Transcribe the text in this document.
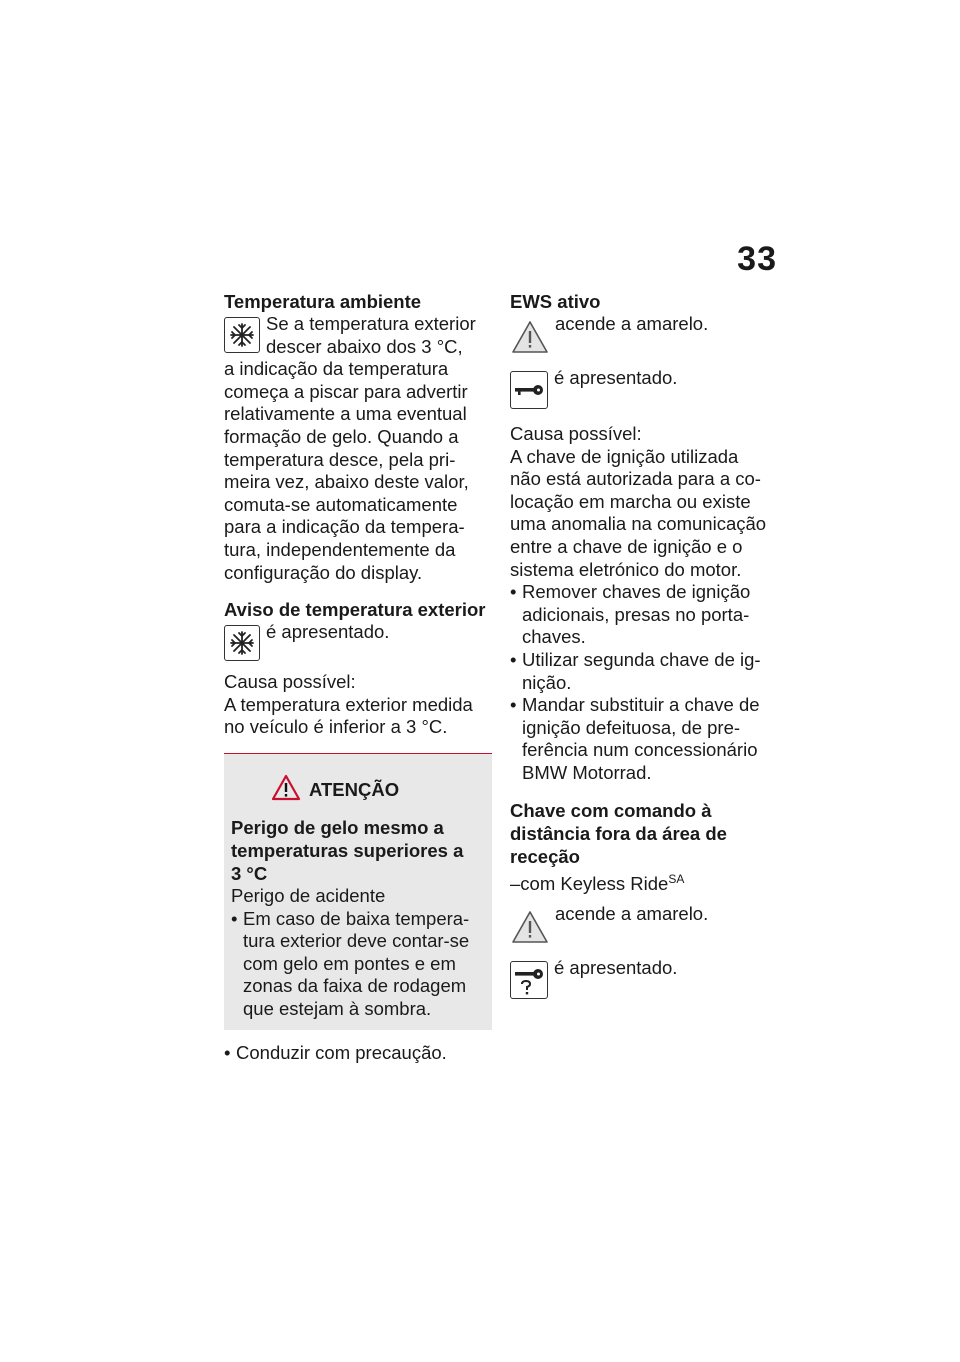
33
Temperatura ambiente

Se a temperatura exterior

descer abaixo dos 3 °C,

a indicação da temperatura

começa a piscar para advertir

relativamente a uma eventual

formação de gelo. Quando a

temperatura desce, pela pri-

meira vez, abaixo deste valor,

comuta-se automaticamente

para a indicação da tempera-

tura, independentemente da

configuração do display.

Aviso de temperatura exterior

é apresentado.

Causa possível:

A temperatura exterior medida

no veículo é inferior a 3 °C.

ATENÇÃO
Perigo de gelo mesmo a
temperaturas superiores a
3 °C

Perigo de acidente

• Em caso de baixa tempera-
tura exterior deve contar-se
com gelo em pontes e em
zonas da faixa de rodagem
que estejam à sombra.
• Conduzir com precaução.
EWS ativo

acende a amarelo.

é apresentado.

Causa possível:

A chave de ignição utilizada

não está autorizada para a co-

locação em marcha ou existe

uma anomalia na comunicação

entre a chave de ignição e o

sistema eletrónico do motor.

• Remover chaves de ignição
adicionais, presas no porta-
chaves.
• Utilizar segunda chave de ig-
nição.
• Mandar substituir a chave de
ignição defeituosa, de pre-
ferência num concessionário
BMW Motorrad.
Chave com comando à
distância fora da área de
receção

–com Keyless Ride$^{SA}$

acende a amarelo.

é apresentado.
